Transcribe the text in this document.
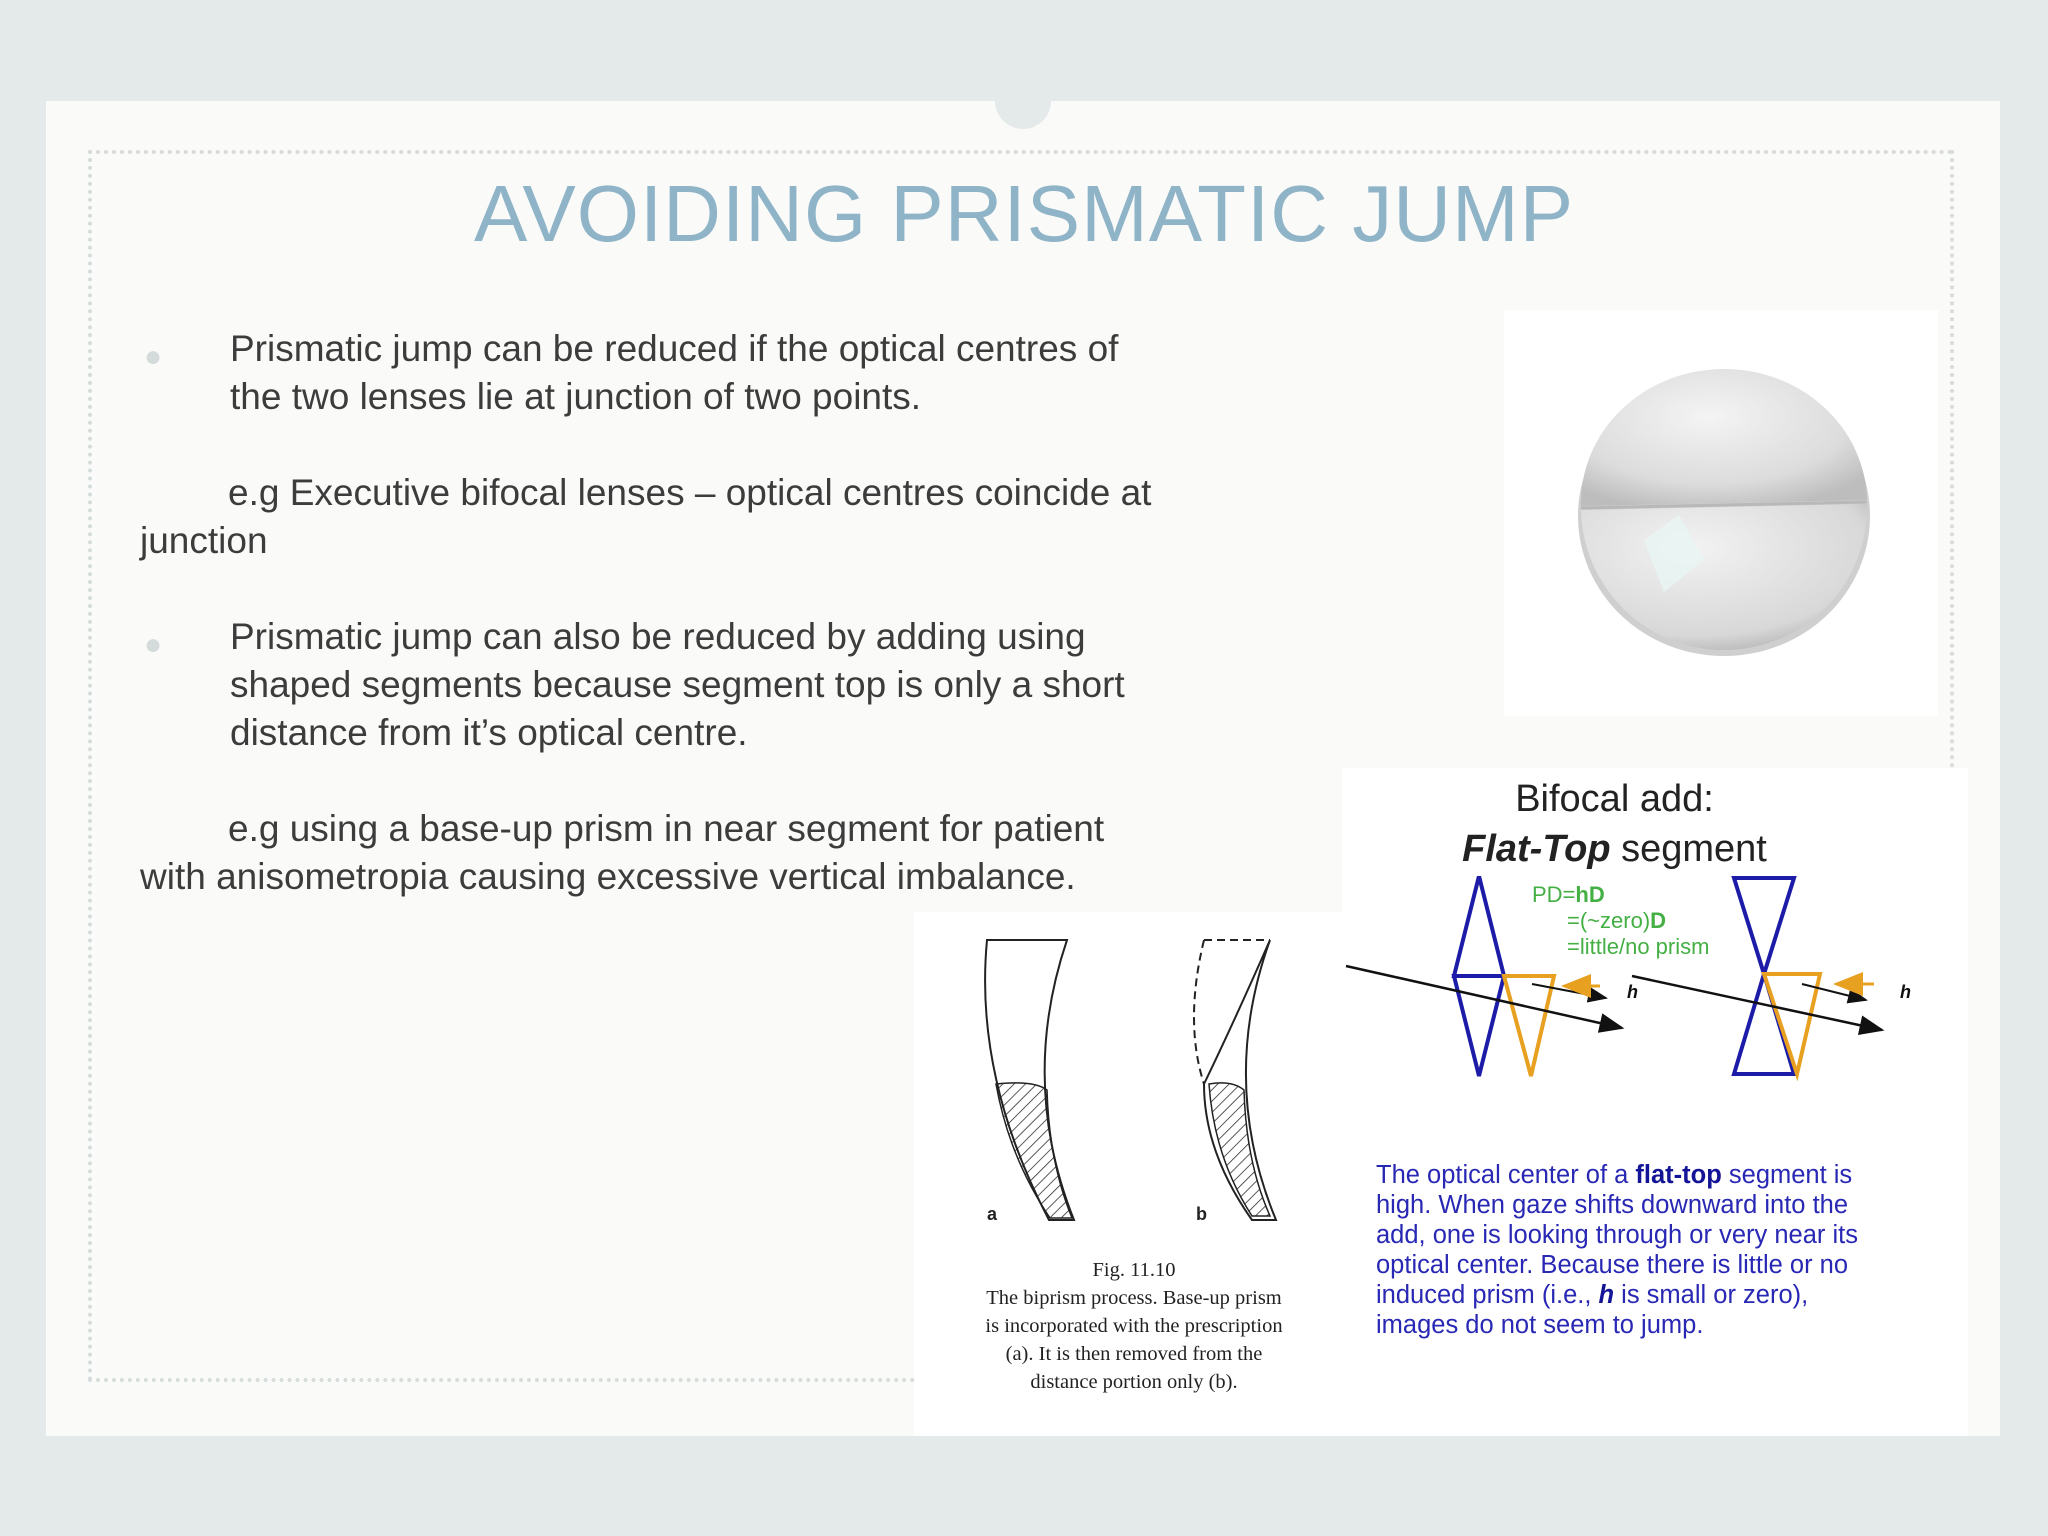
AVOIDING PRISMATIC JUMP
● Prismatic jump can be reduced if the optical centres of
the two lenses lie at junction of two points.
e.g Executive bifocal lenses – optical centres coincide at
junction
● Prismatic jump can also be reduced by adding using
shaped segments because segment top is only a short
distance from it’s optical centre.
e.g using a base-up prism in near segment for patient
with anisometropia causing excessive vertical imbalance.
a	b
Fig. 11.10
The biprism process. Base-up prism
is incorporated with the prescription
(a). It is then removed from the
distance portion only (b).
Bifocal add:
Flat-Top segment
h
PD=hD
=(~zero)D
=little/no prism
h
The optical center of a flat-top segment is
high. When gaze shifts downward into the
add, one is looking through or very near its
optical center. Because there is little or no
induced prism (i.e., h is small or zero),
images do not seem to jump.
